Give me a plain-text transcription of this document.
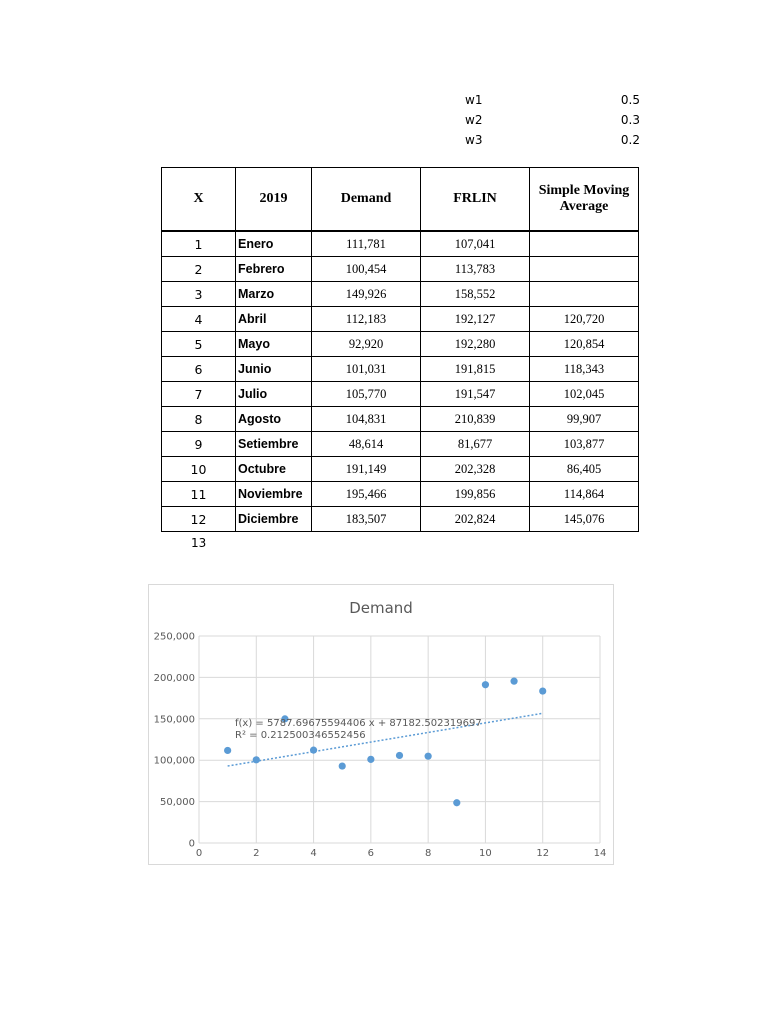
w1	0.5
w2	0.3
w3	0.2
X	2019	Demand	FRLIN	Simple Moving Average
1	Enero	111,781	107,041	
2	Febrero	100,454	113,783	
3	Marzo	149,926	158,552	
4	Abril	112,183	192,127	120,720
5	Mayo	92,920	192,280	120,854
6	Junio	101,031	191,815	118,343
7	Julio	105,770	191,547	102,045
8	Agosto	104,831	210,839	99,907
9	Setiembre	48,614	81,677	103,877
10	Octubre	191,149	202,328	86,405
11	Noviembre	195,466	199,856	114,864
12	Diciembre	183,507	202,824	145,076
13
Demand
0	2	4	6	8	10	12	14
0
50,000
100,000
150,000
200,000
250,000
f(x) = 5787.69675594406 x + 87182.502319697
R² = 0.212500346552456
